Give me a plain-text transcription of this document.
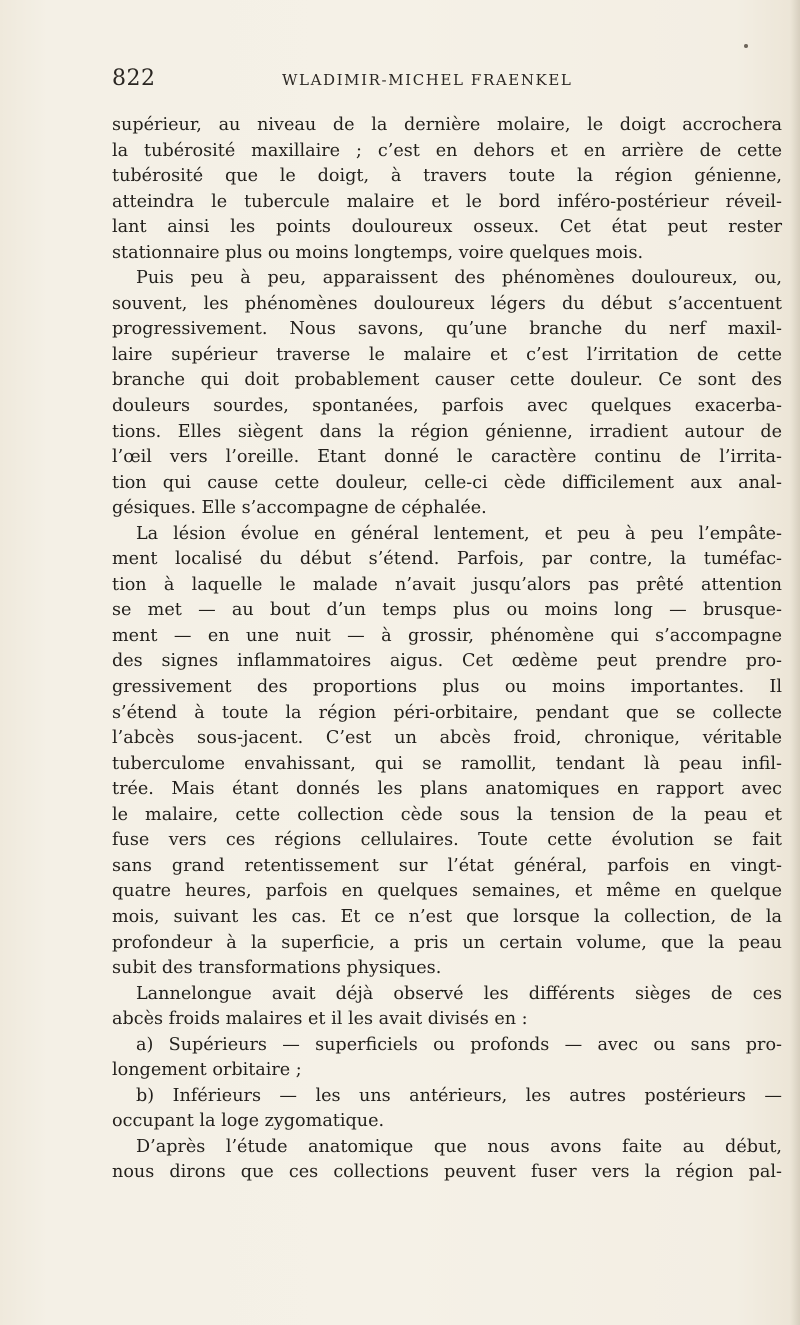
822	WLADIMIR-MICHEL FRAENKEL

supérieur, au niveau de la dernière molaire, le doigt accrochera

la tubérosité maxillaire ; c’est en dehors et en arrière de cette

tubérosité que le doigt, à travers toute la région génienne,

atteindra le tubercule malaire et le bord inféro-postérieur réveil-

lant ainsi les points douloureux osseux. Cet état peut rester

stationnaire plus ou moins longtemps, voire quelques mois.

Puis peu à peu, apparaissent des phénomènes douloureux, ou,

souvent, les phénomènes douloureux légers du début s’accentuent

progressivement. Nous savons, qu’une branche du nerf maxil-

laire supérieur traverse le malaire et c’est l’irritation de cette

branche qui doit probablement causer cette douleur. Ce sont des

douleurs sourdes, spontanées, parfois avec quelques exacerba-

tions. Elles siègent dans la région génienne, irradient autour de

l’œil vers l’oreille. Etant donné le caractère continu de l’irrita-

tion qui cause cette douleur, celle-ci cède difficilement aux anal-

gésiques. Elle s’accompagne de céphalée.

La lésion évolue en général lentement, et peu à peu l’empâte-

ment localisé du début s’étend. Parfois, par contre, la tuméfac-

tion à laquelle le malade n’avait jusqu’alors pas prêté attention

se met — au bout d’un temps plus ou moins long — brusque-

ment — en une nuit — à grossir, phénomène qui s’accompagne

des signes inflammatoires aigus. Cet œdème peut prendre pro-

gressivement des proportions plus ou moins importantes. Il

s’étend à toute la région péri-orbitaire, pendant que se collecte

l’abcès sous-jacent. C’est un abcès froid, chronique, véritable

tuberculome envahissant, qui se ramollit, tendant là peau infil-

trée. Mais étant donnés les plans anatomiques en rapport avec

le malaire, cette collection cède sous la tension de la peau et

fuse vers ces régions cellulaires. Toute cette évolution se fait

sans grand retentissement sur l’état général, parfois en vingt-

quatre heures, parfois en quelques semaines, et même en quelque

mois, suivant les cas. Et ce n’est que lorsque la collection, de la

profondeur à la superficie, a pris un certain volume, que la peau

subit des transformations physiques.

Lannelongue avait déjà observé les différents sièges de ces

abcès froids malaires et il les avait divisés en :

a) Supérieurs — superficiels ou profonds — avec ou sans pro-

longement orbitaire ;

b) Inférieurs — les uns antérieurs, les autres postérieurs —

occupant la loge zygomatique.

D’après l’étude anatomique que nous avons faite au début,

nous dirons que ces collections peuvent fuser vers la région pal-
